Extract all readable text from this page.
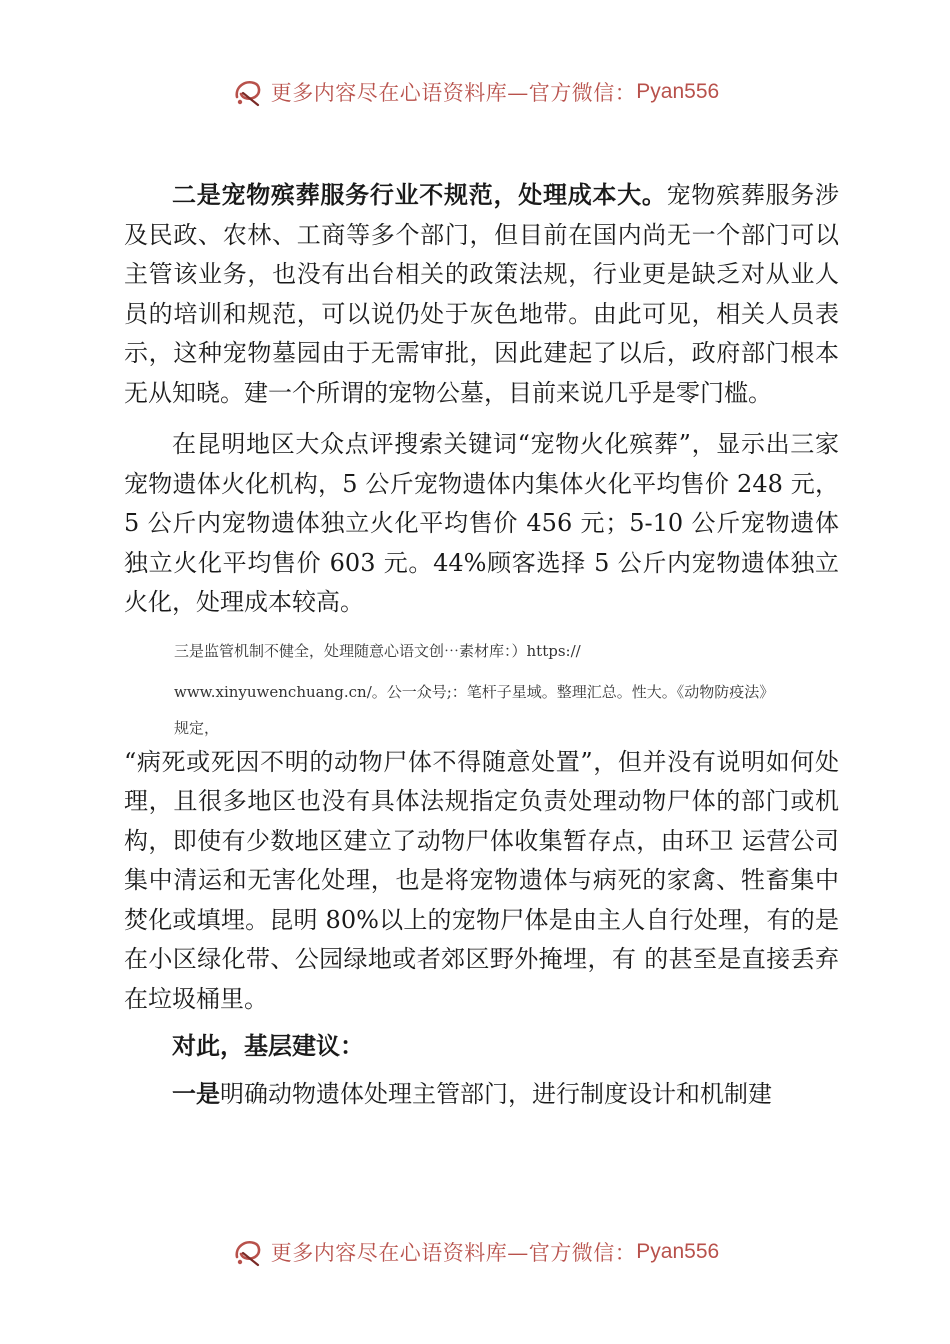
更多内容尽在心语资料库—官方微信： Pyan556

二是宠物殡葬服务行业不规范，处理成本大。宠物殡葬服务涉及民政、农林、工商等多个部门，但目前在国内尚无一个部门可以主管该业务，也没有出台相关的政策法规，行业更是缺乏对从业人员的培训和规范，可以说仍处于灰色地带。由此可见，相关人员表示，这种宠物墓园由于无需审批，因此建起了以后，政府部门根本无从知晓。建一个所谓的宠物公墓，目前来说几乎是零门槛。

在昆明地区大众点评搜索关键词“宠物火化殡葬”，显示出三家宠物遗体火化机构，5 公斤宠物遗体内集体火化平均售价 248 元，5 公斤内宠物遗体独立火化平均售价 456 元；5-10 公斤宠物遗体独立火化平均售价 603 元。44%顾客选择 5 公斤内宠物遗体独立火化，处理成本较高。

三是监管机制不健全，处理随意心语文创⋯素材库：）https://

www.xinyuwenchuang.cn/。公一众号;：笔杆子星域。整理汇总。性大。《动物防疫法》

规定，

“病死或死因不明的动物尸体不得随意处置”，但并没有说明如何处理，且很多地区也没有具体法规指定负责处理动物尸体的部门或机构，即使有少数地区建立了动物尸体收集暂存点，由环卫 运营公司集中清运和无害化处理，也是将宠物遗体与病死的家禽、牲畜集中焚化或填埋。昆明 80%以上的宠物尸体是由主人自行处理，有的是在小区绿化带、公园绿地或者郊区野外掩埋，有 的甚至是直接丢弃在垃圾桶里。

对此，基层建议：

一是明确动物遗体处理主管部门，进行制度设计和机制建

更多内容尽在心语资料库—官方微信： Pyan556
